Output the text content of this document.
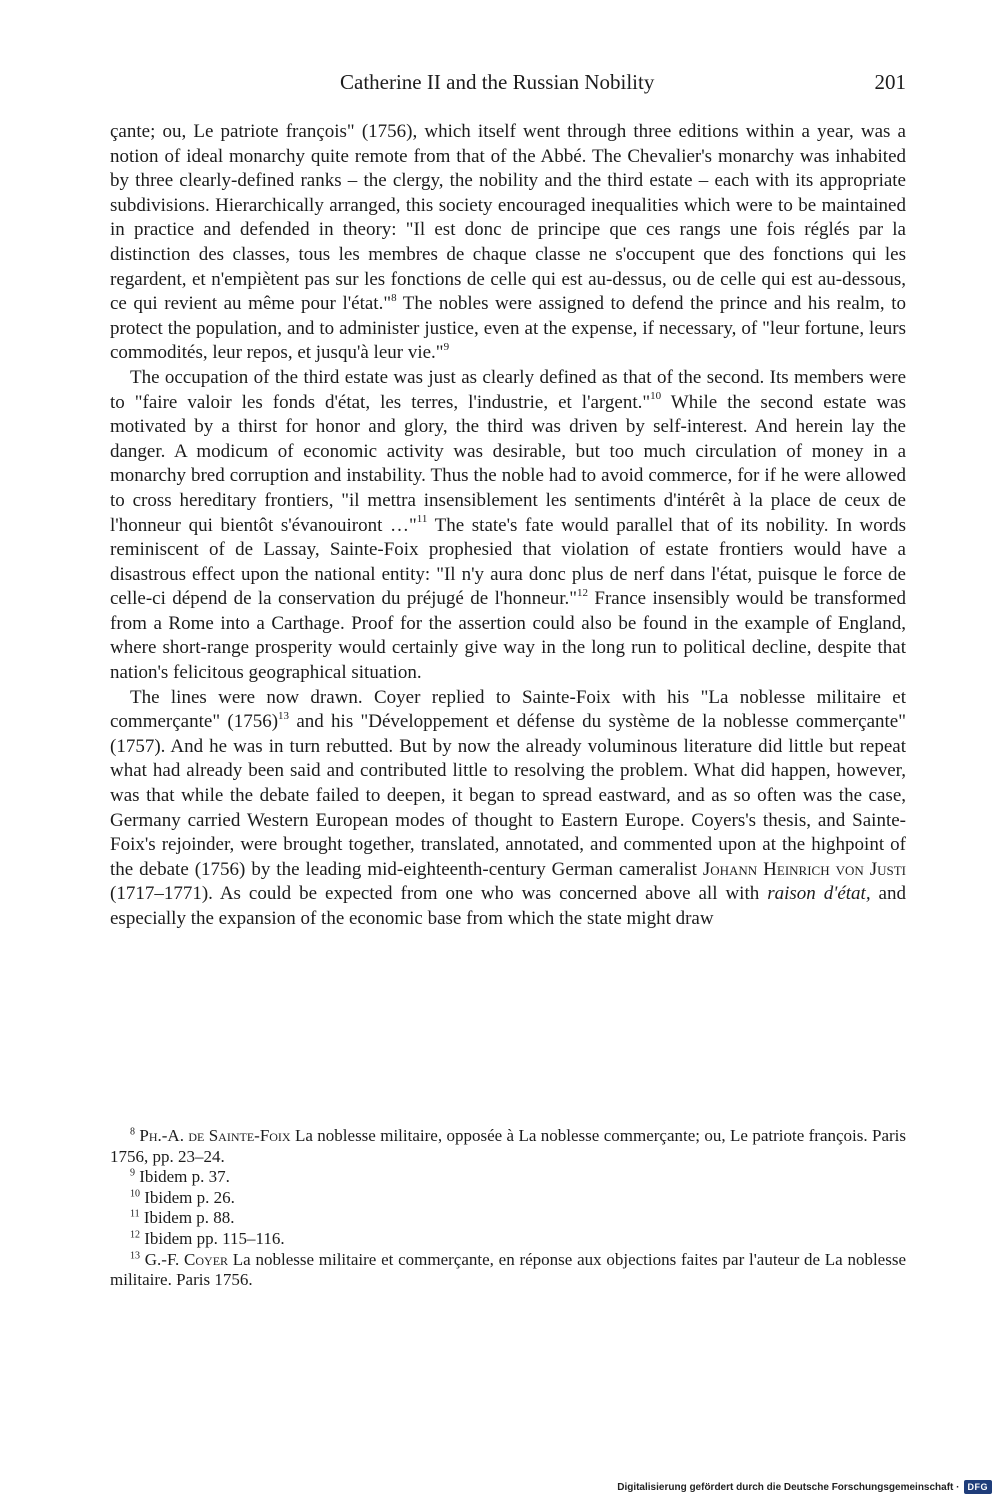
Catherine II and the Russian Nobility	201

çante; ou, Le patriote françois" (1756), which itself went through three editions within a year, was a notion of ideal monarchy quite remote from that of the Abbé. The Chevalier's monarchy was inhabited by three clearly-defined ranks – the clergy, the nobility and the third estate – each with its appropriate subdivisions. Hierarchically arranged, this society encouraged inequalities which were to be maintained in practice and defended in theory: "Il est donc de principe que ces rangs une fois réglés par la distinction des classes, tous les membres de chaque classe ne s'occupent que des fonctions qui les regardent, et n'empiètent pas sur les fonctions de celle qui est au-dessus, ou de celle qui est au-dessous, ce qui revient au même pour l'état."$^8$ The nobles were assigned to defend the prince and his realm, to protect the population, and to administer justice, even at the expense, if necessary, of "leur fortune, leurs commodités, leur repos, et jusqu'à leur vie."$^9$

The occupation of the third estate was just as clearly defined as that of the second. Its members were to "faire valoir les fonds d'état, les terres, l'industrie, et l'argent."$^{10}$ While the second estate was motivated by a thirst for honor and glory, the third was driven by self-interest. And herein lay the danger. A modicum of economic activity was desirable, but too much circulation of money in a monarchy bred corruption and instability. Thus the noble had to avoid commerce, for if he were allowed to cross hereditary frontiers, "il mettra insensiblement les sentiments d'intérêt à la place de ceux de l'honneur qui bientôt s'évanouiront …"$^{11}$ The state's fate would parallel that of its nobility. In words reminiscent of de Lassay, Sainte-Foix prophesied that violation of estate frontiers would have a disastrous effect upon the national entity: "Il n'y aura donc plus de nerf dans l'état, puisque le force de celle-ci dépend de la conservation du préjugé de l'honneur."$^{12}$ France insensibly would be transformed from a Rome into a Carthage. Proof for the assertion could also be found in the example of England, where short-range prosperity would certainly give way in the long run to political decline, despite that nation's felicitous geographical situation.

The lines were now drawn. Coyer replied to Sainte-Foix with his "La noblesse militaire et commerçante" $(1756)^{13}$ and his "Développement et défense du système de la noblesse commerçante" (1757). And he was in turn rebutted. But by now the already voluminous literature did little but repeat what had already been said and contributed little to resolving the problem. What did happen, however, was that while the debate failed to deepen, it began to spread eastward, and as so often was the case, Germany carried Western European modes of thought to Eastern Europe. Coyers's thesis, and Sainte-Foix's rejoinder, were brought together, translated, annotated, and commented upon at the highpoint of the debate (1756) by the leading mid-eighteenth-century German cameralist Johann Heinrich von Justi (1717–1771). As could be expected from one who was concerned above all with raison d'état, and especially the expansion of the economic base from which the state might draw

$^8$ Ph.-A. de Sainte-Foix La noblesse militaire, opposée à La noblesse commerçante; ou, Le patriote françois. Paris 1756, pp. 23–24.

$^9$ Ibidem p. 37.

$^{10}$ Ibidem p. 26.

$^{11}$ Ibidem p. 88.

$^{12}$ Ibidem pp. 115–116.

$^{13}$ G.-F. Coyer La noblesse militaire et commerçante, en réponse aux objections faites par l'auteur de La noblesse militaire. Paris 1756.

Digitalisierung gefördert durch die Deutsche Forschungsgemeinschaft · DFG
